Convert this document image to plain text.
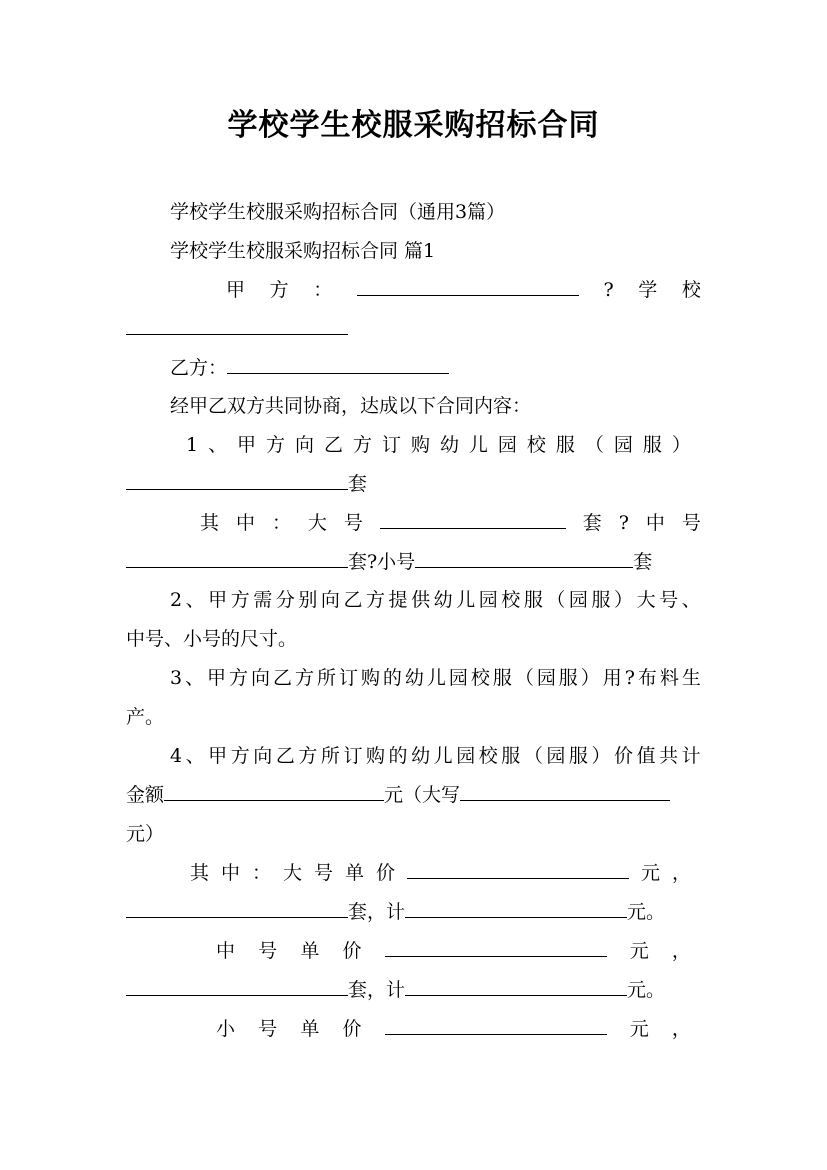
学校学生校服采购招标合同
学校学生校服采购招标合同（通用3篇）
学校学生校服采购招标合同 篇1
甲 方 ：	? 学 校
乙方：
经甲乙双方共同协商，达成以下合同内容：
1 、 甲 方 向 乙 方 订 购 幼 儿 园 校 服 （ 园 服 ）
套
其 中 ： 大 号	套 ? 中 号
套?小号	套
2 、 甲 方 需 分 别 向 乙 方 提 供 幼 儿 园 校 服 （ 园 服 ） 大 号 、
中号、小号的尺寸。
3 、 甲 方 向 乙 方 所 订 购 的 幼 儿 园 校 服 （ 园 服 ） 用 ? 布 料 生
产。
4 、 甲 方 向 乙 方 所 订 购 的 幼 儿 园 校 服 （ 园 服 ） 价 值 共 计
金额	元（大写
元）
其 中 ： 大 号 单 价	元 ，
套，计	元。
中 号 单 价	元 ，
套，计	元。
小 号 单 价	元 ，
